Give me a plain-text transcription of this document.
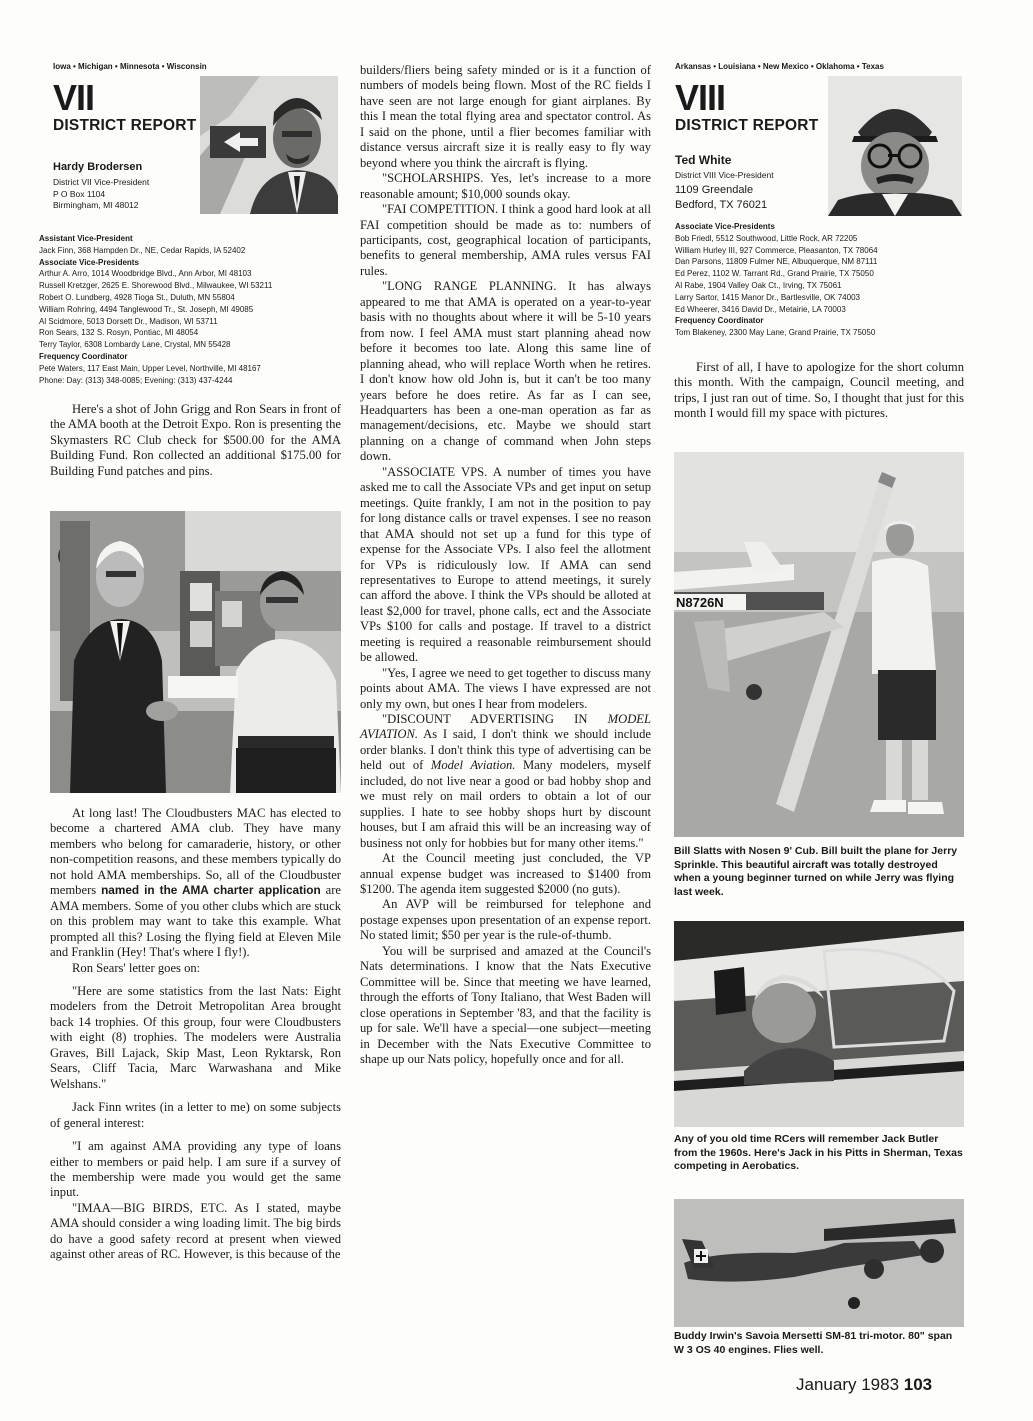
Iowa • Michigan • Minnesota • Wisconsin
VII
DISTRICT REPORT
Hardy Brodersen
District VII Vice-President
P O Box 1104
Birmingham, MI 48012
Assistant Vice-President
Jack Finn, 368 Hampden Dr., NE, Cedar Rapids, IA 52402
Associate Vice-Presidents
Arthur A. Arro, 1014 Woodbridge Blvd., Ann Arbor, MI 48103
Russell Kretzger, 2625 E. Shorewood Blvd., Milwaukee, WI 53211
Robert O. Lundberg, 4928 Tioga St., Duluth, MN 55804
William Rohring, 4494 Tanglewood Tr., St. Joseph, MI 49085
Al Scidmore, 5013 Dorsett Dr., Madison, WI 53711
Ron Sears, 132 S. Rosyn, Pontiac, MI 48054
Terry Taylor, 6308 Lombardy Lane, Crystal, MN 55428
Frequency Coordinator
Pete Waters, 117 East Main, Upper Level, Northville, MI 48167
Phone: Day: (313) 348-0085; Evening: (313) 437-4244

Here's a shot of John Grigg and Ron Sears in front of the AMA booth at the Detroit Expo. Ron is presenting the Skymasters RC Club check for $500.00 for the AMA Building Fund. Ron collected an additional $175.00 for Building Fund patches and pins.

At long last! The Cloudbusters MAC has elected to become a chartered AMA club. They have many members who belong for camaraderie, history, or other non-competition reasons, and these members typically do not hold AMA memberships. So, all of the Cloudbuster members named in the AMA charter application are AMA members. Some of you other clubs which are stuck on this problem may want to take this example. What prompted all this? Losing the flying field at Eleven Mile and Franklin (Hey! That's where I fly!).

Ron Sears' letter goes on:

"Here are some statistics from the last Nats: Eight modelers from the Detroit Metropolitan Area brought back 14 trophies. Of this group, four were Cloudbusters with eight (8) trophies. The modelers were Australia Graves, Bill Lajack, Skip Mast, Leon Ryktarsk, Ron Sears, Cliff Tacia, Marc Warwashana and Mike Welshans."

Jack Finn writes (in a letter to me) on some subjects of general interest:

"I am against AMA providing any type of loans either to members or paid help. I am sure if a survey of the membership were made you would get the same input.

"IMAA—BIG BIRDS, ETC. As I stated, maybe AMA should consider a wing loading limit. The big birds do have a good safety record at present when viewed against other areas of RC. However, is this because of the

builders/fliers being safety minded or is it a function of numbers of models being flown. Most of the RC fields I have seen are not large enough for giant airplanes. By this I mean the total flying area and spectator control. As I said on the phone, until a flier becomes familiar with distance versus aircraft size it is really easy to fly way beyond where you think the aircraft is flying.

"SCHOLARSHIPS. Yes, let's increase to a more reasonable amount; $10,000 sounds okay.

"FAI COMPETITION. I think a good hard look at all FAI competition should be made as to: numbers of participants, cost, geographical location of participants, benefits to general membership, AMA rules versus FAI rules.

"LONG RANGE PLANNING. It has always appeared to me that AMA is operated on a year-to-year basis with no thoughts about where it will be 5-10 years from now. I feel AMA must start planning ahead now before it becomes too late. Along this same line of planning ahead, who will replace Worth when he retires. I don't know how old John is, but it can't be too many years before he does retire. As far as I can see, Headquarters has been a one-man operation as far as management/decisions, etc. Maybe we should start planning on a change of command when John steps down.

"ASSOCIATE VPS. A number of times you have asked me to call the Associate VPs and get input on setup meetings. Quite frankly, I am not in the position to pay for long distance calls or travel expenses. I see no reason that AMA should not set up a fund for this type of expense for the Associate VPs. I also feel the allotment for VPs is ridiculously low. If AMA can send representatives to Europe to attend meetings, it surely can afford the above. I think the VPs should be alloted at least $2,000 for travel, phone calls, ect and the Associate VPs $100 for calls and postage. If travel to a district meeting is required a reasonable reimbursement should be allowed.

"Yes, I agree we need to get together to discuss many points about AMA. The views I have expressed are not only my own, but ones I hear from modelers.

"DISCOUNT ADVERTISING IN MODEL AVIATION. As I said, I don't think we should include order blanks. I don't think this type of advertising can be held out of Model Aviation. Many modelers, myself included, do not live near a good or bad hobby shop and we must rely on mail orders to obtain a lot of our supplies. I hate to see hobby shops hurt by discount houses, but I am afraid this will be an increasing way of business not only for hobbies but for many other items."

At the Council meeting just concluded, the VP annual expense budget was increased to $1400 from $1200. The agenda item suggested $2000 (no guts).

An AVP will be reimbursed for telephone and postage expenses upon presentation of an expense report. No stated limit; $50 per year is the rule-of-thumb.

You will be surprised and amazed at the Council's Nats determinations. I know that the Nats Executive Committee will be. Since that meeting we have learned, through the efforts of Tony Italiano, that West Baden will close operations in September '83, and that the facility is up for sale. We'll have a special—one subject—meeting in December with the Nats Executive Committee to shape up our Nats policy, hopefully once and for all.

Arkansas • Louisiana • New Mexico • Oklahoma • Texas
VIII
DISTRICT REPORT
Ted White
District VIII Vice-President
1109 Greendale
Bedford, TX 76021
Associate Vice-Presidents
Bob Friedl, 5512 Southwood, Little Rock, AR 72205
William Hurley III, 927 Commerce, Pleasanton, TX 78064
Dan Parsons, 11809 Fulmer NE, Albuquerque, NM 87111
Ed Perez, 1102 W. Tarrant Rd., Grand Prairie, TX 75050
Al Rabe, 1904 Valley Oak Ct., Irving, TX 75061
Larry Sartor, 1415 Manor Dr., Bartlesville, OK 74003
Ed Wheerer, 3416 David Dr., Metairie, LA 70003
Frequency Coordinator
Tom Blakeney, 2300 May Lane, Grand Prairie, TX 75050

First of all, I have to apologize for the short column this month. With the campaign, Council meeting, and trips, I just ran out of time. So, I thought that just for this month I would fill my space with pictures.

Bill Slatts with Nosen 9' Cub. Bill built the plane for Jerry Sprinkle. This beautiful aircraft was totally destroyed when a young beginner turned on while Jerry was flying last week.
N8726N
Any of you old time RCers will remember Jack Butler from the 1960s. Here's Jack in his Pitts in Sherman, Texas competing in Aerobatics.
Buddy Irwin's Savoia Mersetti SM-81 tri-motor. 80" span W 3 OS 40 engines. Flies well.
January 1983 103
